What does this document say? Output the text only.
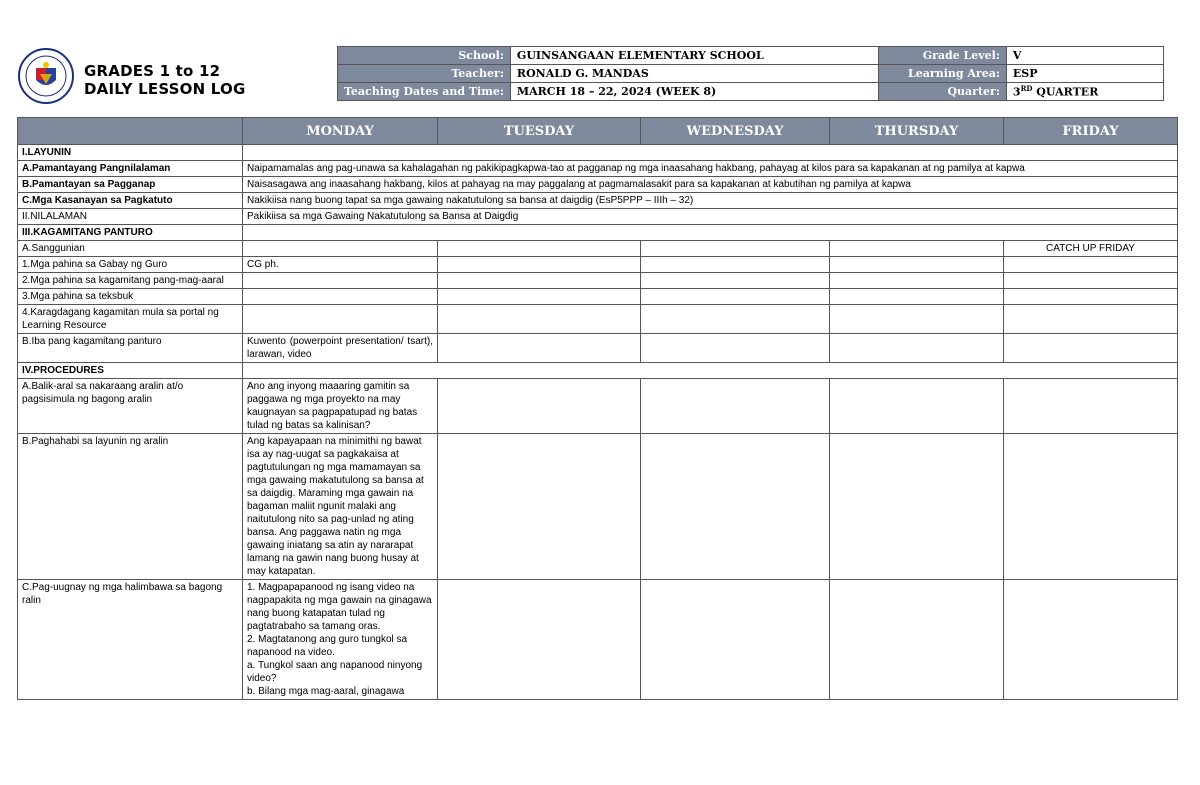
GRADES 1 to 12
DAILY LESSON LOG
School:	GUINSANGAAN ELEMENTARY SCHOOL	Grade Level:	V
Teacher:	RONALD G. MANDAS	Learning Area:	ESP
Teaching Dates and Time:	MARCH 18 – 22, 2024 (WEEK 8)	Quarter:	3RD QUARTER
	MONDAY	TUESDAY	WEDNESDAY	THURSDAY	FRIDAY
I.LAYUNIN					
A.Pamantayang Pangnilalaman	Naipamamalas ang pag-unawa sa kahalagahan ng pakikipagkapwa-tao at pagganap ng mga inaasahang hakbang, pahayag at kilos para sa kapakanan at ng pamilya at kapwa				
B.Pamantayan sa Pagganap	Naisasagawa ang inaasahang hakbang, kilos at pahayag na may paggalang at pagmamalasakit para sa kapakanan at kabutihan ng pamilya at kapwa				
C.Mga Kasanayan sa Pagkatuto	Nakikiisa nang buong tapat sa mga gawaing nakatutulong sa bansa at daigdig (EsP5PPP – IIIh – 32)				
II.NILALAMAN	Pakikiisa sa mga Gawaing Nakatutulong sa Bansa at Daigdig				
III.KAGAMITANG PANTURO					
A.Sanggunian					CATCH UP FRIDAY
1.Mga pahina sa Gabay ng Guro	CG ph.				
2.Mga pahina sa kagamitang pang-mag-aaral					
3.Mga pahina sa teksbuk					
4.Karagdagang kagamitan mula sa portal ng Learning Resource					
B.Iba pang kagamitang panturo	Kuwento (powerpoint presentation/ tsart), larawan, video				
IV.PROCEDURES					
A.Balik-aral sa nakaraang aralin at/o pagsisimula ng bagong aralin	Ano ang inyong maaaring gamitin sa paggawa ng mga proyekto na may kaugnayan sa pagpapatupad ng batas tulad ng batas sa kalinisan?				
B.Paghahabi sa layunin ng aralin	Ang kapayapaan na minimithi ng bawat isa ay nag-uugat sa pagkakaisa at pagtutulungan ng mga mamamayan sa mga gawaing makatutulong sa bansa at sa daigdig. Maraming mga gawain na bagaman maliit ngunit malaki ang naitutulong nito sa pag-unlad ng ating bansa. Ang paggawa natin ng mga gawaing iniatang sa atin ay nararapat lamang na gawin nang buong husay at may katapatan.				
C.Pag-uugnay ng mga halimbawa sa bagong ralin	1. Magpapapanood ng isang video na nagpapakita ng mga gawain na ginagawa nang buong katapatan tulad ng pagtatrabaho sa tamang oras.
2. Magtatanong ang guro tungkol sa napanood na video.
a. Tungkol saan ang napanood ninyong video?
b. Bilang mga mag-aaral, ginagawa				
